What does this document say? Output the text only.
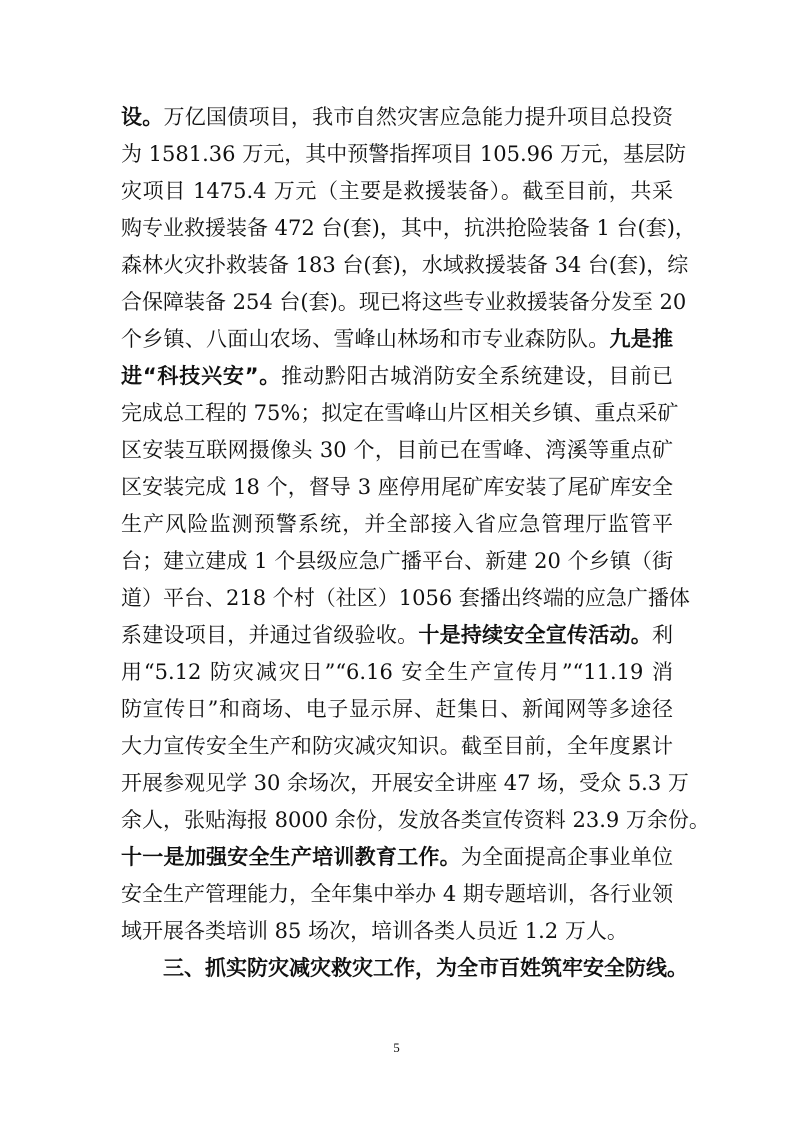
设。万亿国债项目，我市自然灾害应急能力提升项目总投资
为 1581.36 万元，其中预警指挥项目 105.96 万元，基层防
灾项目 1475.4 万元（主要是救援装备）。截至目前，共采
购专业救援装备 472 台(套)，其中，抗洪抢险装备 1 台(套)，
森林火灾扑救装备 183 台(套)，水域救援装备 34 台(套)，综
合保障装备 254 台(套)。现已将这些专业救援装备分发至 20
个乡镇、八面山农场、雪峰山林场和市专业森防队。九是推
进“科技兴安”。推动黔阳古城消防安全系统建设，目前已
完成总工程的 75%；拟定在雪峰山片区相关乡镇、重点采矿
区安装互联网摄像头 30 个，目前已在雪峰、湾溪等重点矿
区安装完成 18 个，督导 3 座停用尾矿库安装了尾矿库安全
生产风险监测预警系统，并全部接入省应急管理厅监管平
台；建立建成 1 个县级应急广播平台、新建 20 个乡镇（街
道）平台、218 个村（社区）1056 套播出终端的应急广播体
系建设项目，并通过省级验收。十是持续安全宣传活动。利
用“5.12 防灾减灾日”“6.16 安全生产宣传月”“11.19 消
防宣传日”和商场、电子显示屏、赶集日、新闻网等多途径
大力宣传安全生产和防灾减灾知识。截至目前，全年度累计
开展参观见学 30 余场次，开展安全讲座 47 场，受众 5.3 万
余人，张贴海报 8000 余份，发放各类宣传资料 23.9 万余份。
十一是加强安全生产培训教育工作。为全面提高企事业单位
安全生产管理能力，全年集中举办 4 期专题培训，各行业领
域开展各类培训 85 场次，培训各类人员近 1.2 万人。
三、抓实防灾减灾救灾工作，为全市百姓筑牢安全防线。
5
